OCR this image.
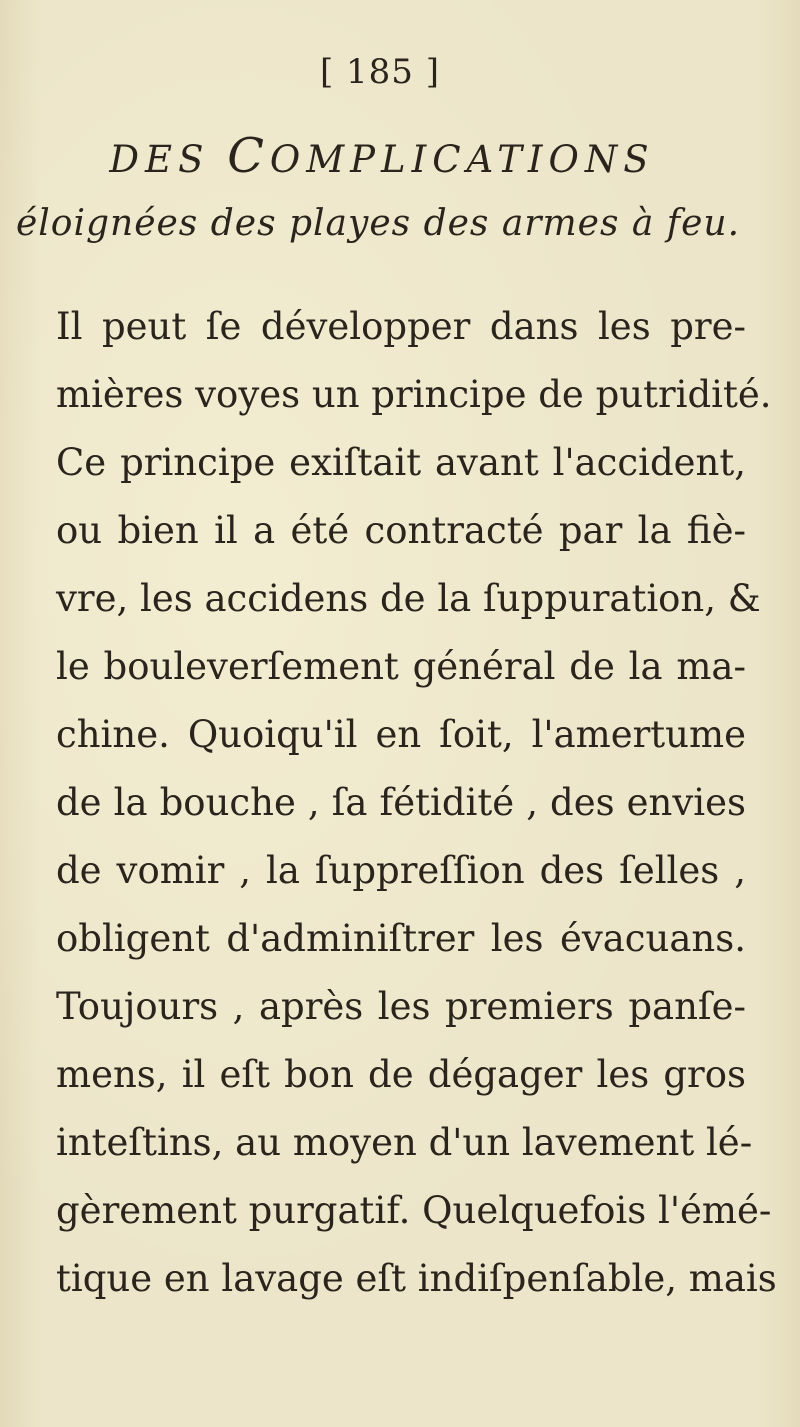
[ 185 ]
DES COMPLICATIONS
éloignées des playes des armes à feu.
Il peut ſe développer dans les pre-
mières voyes un principe de putridité.
Ce principe exiſtait avant l'accident,
ou bien il a été contracté par la fiè-
vre, les accidens de la ſuppuration, &
le bouleverſement général de la ma-
chine. Quoiqu'il en ſoit, l'amertume
de la bouche , ſa fétidité , des envies
de vomir , la ſuppreſſion des ſelles ,
obligent d'adminiſtrer les évacuans.
Toujours , après les premiers panſe-
mens, il eſt bon de dégager les gros
inteſtins, au moyen d'un lavement lé-
gèrement purgatif. Quelquefois l'émé-
tique en lavage eſt indiſpenſable, mais
